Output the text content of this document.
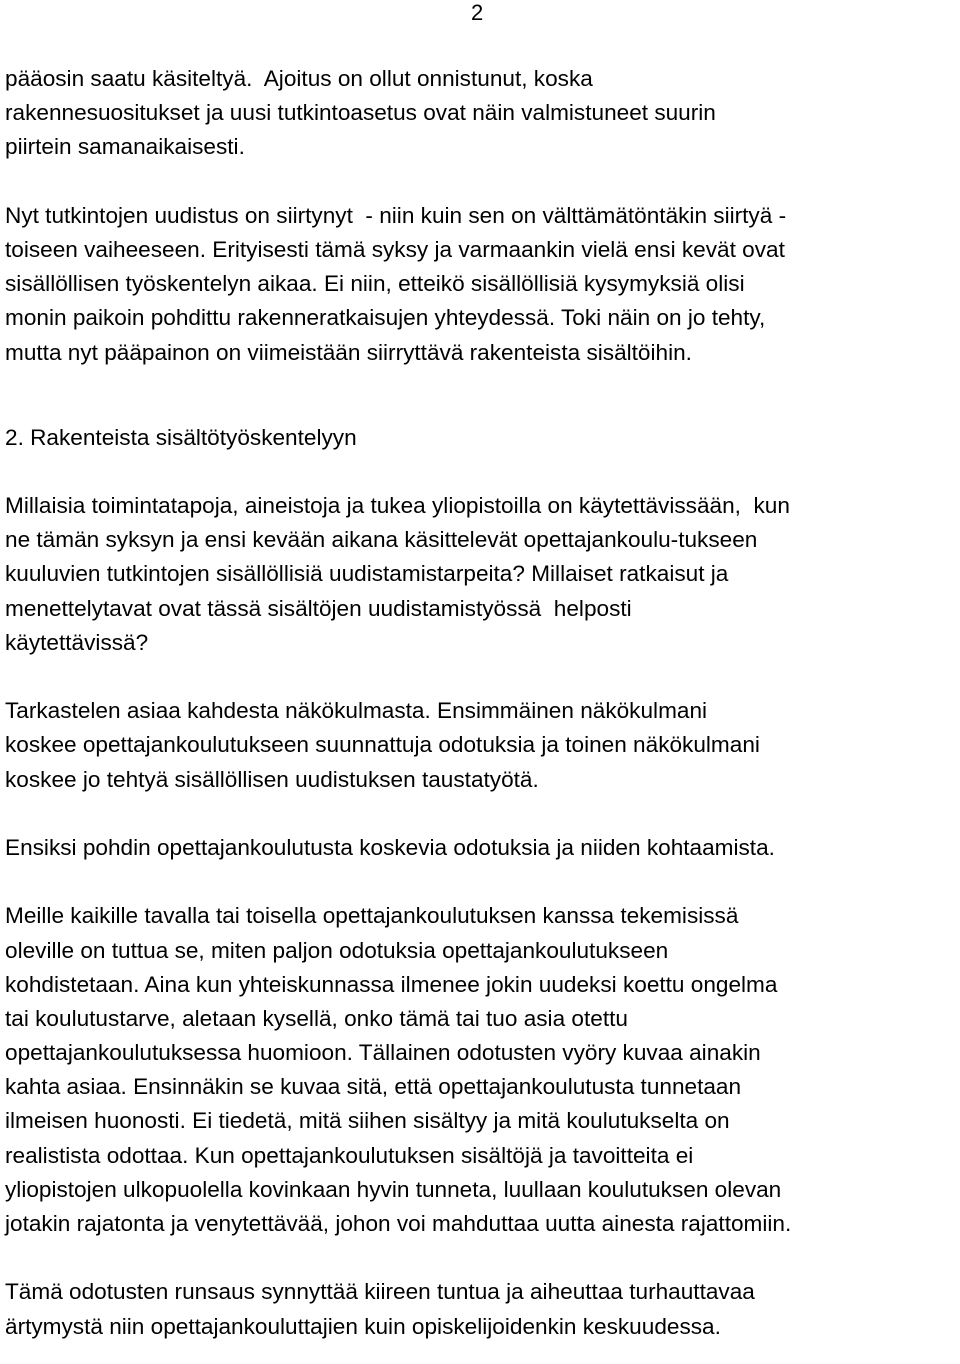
2

pääosin saatu käsiteltyä.  Ajoitus on ollut onnistunut, koska
rakennesuositukset ja uusi tutkintoasetus ovat näin valmistuneet suurin
piirtein samanaikaisesti.

Nyt tutkintojen uudistus on siirtynyt  - niin kuin sen on välttämätöntäkin siirtyä -
toiseen vaiheeseen. Erityisesti tämä syksy ja varmaankin vielä ensi kevät ovat
sisällöllisen työskentelyn aikaa. Ei niin, etteikö sisällöllisiä kysymyksiä olisi
monin paikoin pohdittu rakenneratkaisujen yhteydessä. Toki näin on jo tehty,
mutta nyt pääpainon on viimeistään siirryttävä rakenteista sisältöihin.

2. Rakenteista sisältötyöskentelyyn

Millaisia toimintatapoja, aineistoja ja tukea yliopistoilla on käytettävissään,  kun
ne tämän syksyn ja ensi kevään aikana käsittelevät opettajankoulu-tukseen
kuuluvien tutkintojen sisällöllisiä uudistamistarpeita? Millaiset ratkaisut ja
menettelytavat ovat tässä sisältöjen uudistamistyössä  helposti
käytettävissä?

Tarkastelen asiaa kahdesta näkökulmasta. Ensimmäinen näkökulmani
koskee opettajankoulutukseen suunnattuja odotuksia ja toinen näkökulmani
koskee jo tehtyä sisällöllisen uudistuksen taustatyötä.

Ensiksi pohdin opettajankoulutusta koskevia odotuksia ja niiden kohtaamista.

Meille kaikille tavalla tai toisella opettajankoulutuksen kanssa tekemisissä
oleville on tuttua se, miten paljon odotuksia opettajankoulutukseen
kohdistetaan. Aina kun yhteiskunnassa ilmenee jokin uudeksi koettu ongelma
tai koulutustarve, aletaan kysellä, onko tämä tai tuo asia otettu
opettajankoulutuksessa huomioon. Tällainen odotusten vyöry kuvaa ainakin
kahta asiaa. Ensinnäkin se kuvaa sitä, että opettajankoulutusta tunnetaan
ilmeisen huonosti. Ei tiedetä, mitä siihen sisältyy ja mitä koulutukselta on
realistista odottaa. Kun opettajankoulutuksen sisältöjä ja tavoitteita ei
yliopistojen ulkopuolella kovinkaan hyvin tunneta, luullaan koulutuksen olevan
jotakin rajatonta ja venytettävää, johon voi mahduttaa uutta ainesta rajattomiin.

Tämä odotusten runsaus synnyttää kiireen tuntua ja aiheuttaa turhauttavaa
ärtymystä niin opettajankouluttajien kuin opiskelijoidenkin keskuudessa.
